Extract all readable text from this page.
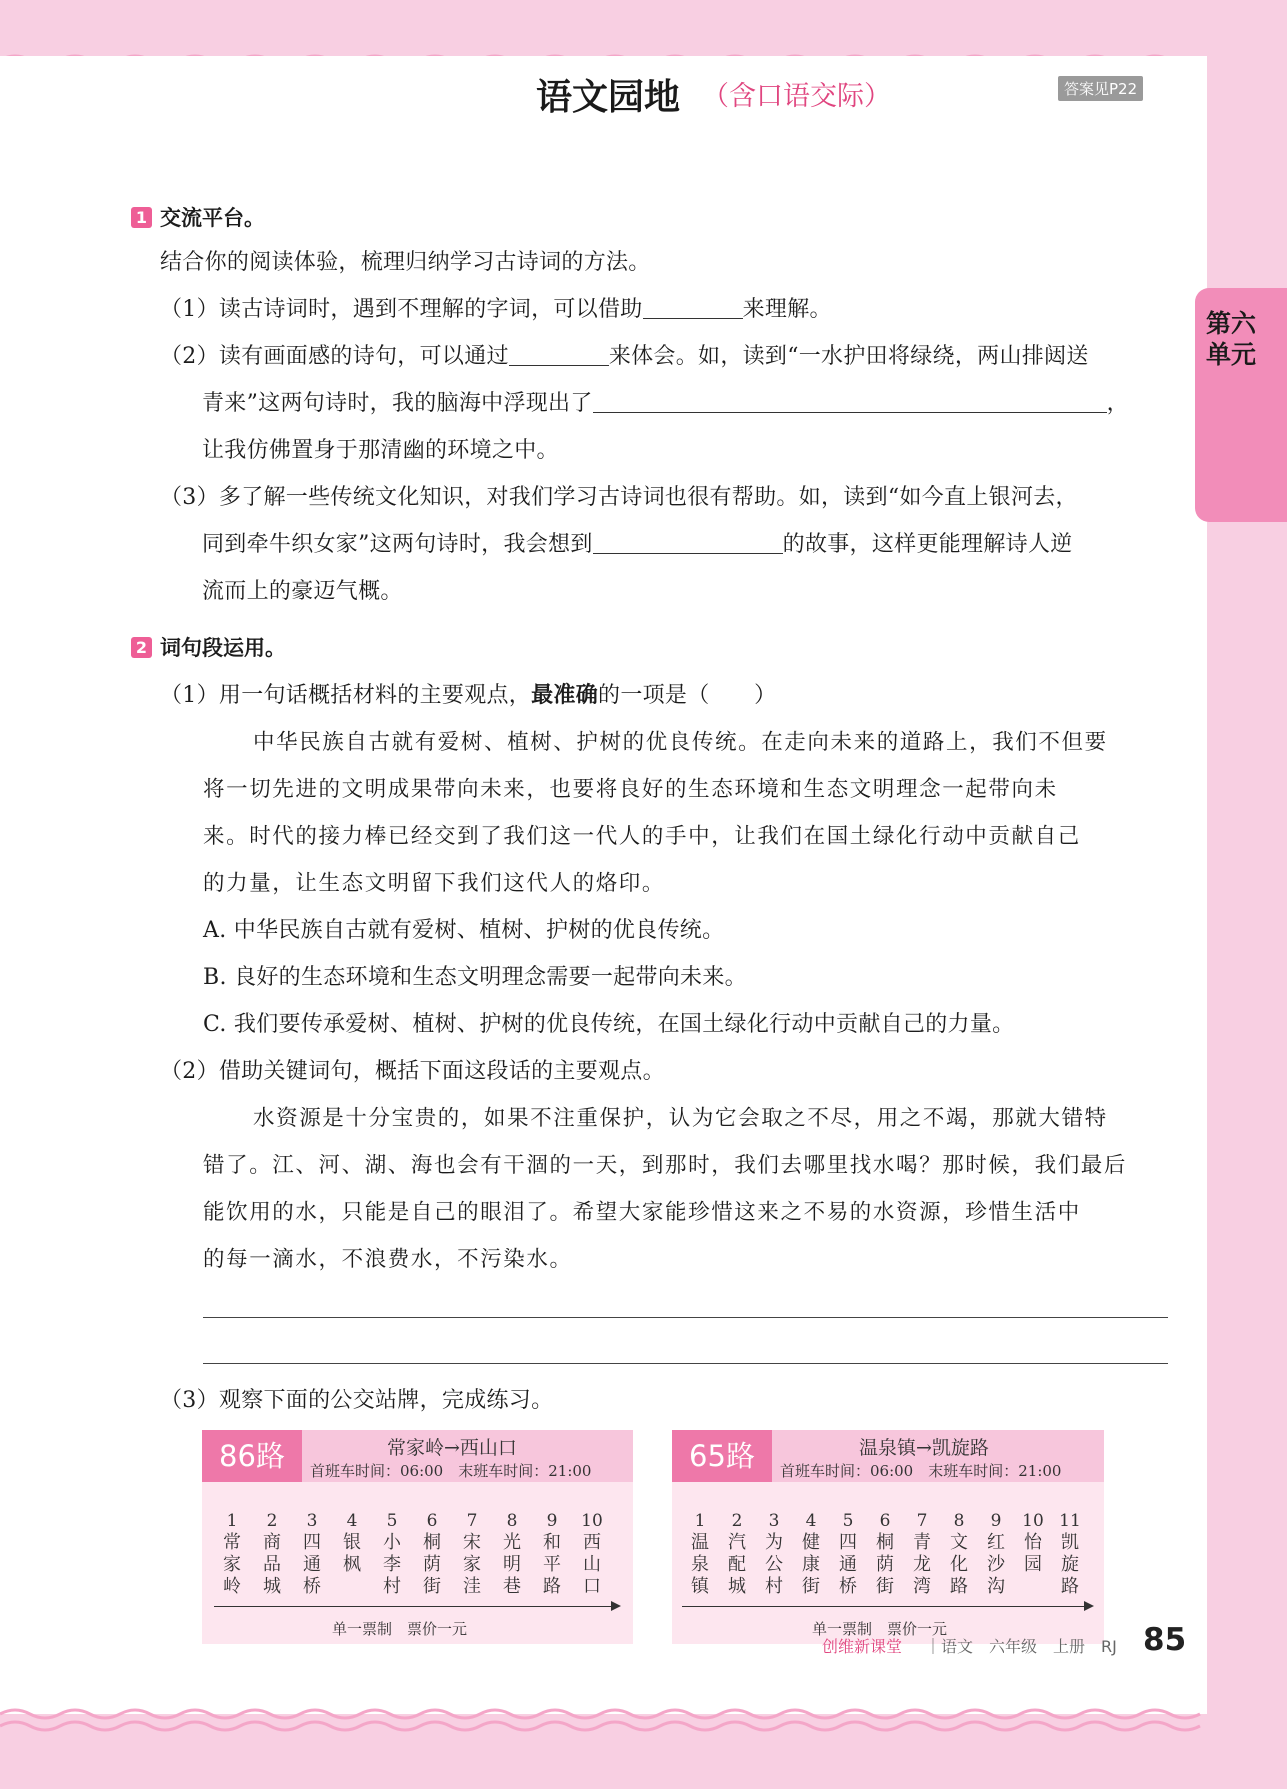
语文园地 （含口语交际）	答案见P22
第六单元
1 交流平台。
结合你的阅读体验，梳理归纳学习古诗词的方法。
（1）读古诗词时，遇到不理解的字词，可以借助	来理解。
（2）读有画面感的诗句，可以通过	来体会。如，读到“一水护田将绿绕，两山排闼送
青来”这两句诗时，我的脑海中浮现出了	，
让我仿佛置身于那清幽的环境之中。
（3）多了解一些传统文化知识，对我们学习古诗词也很有帮助。如，读到“如今直上银河去，
同到牵牛织女家”这两句诗时，我会想到	的故事，这样更能理解诗人逆
流而上的豪迈气概。
2 词句段运用。
（1）用一句话概括材料的主要观点，最准确的一项是（　　）
中华民族自古就有爱树、植树、护树的优良传统。在走向未来的道路上，我们不但要
将一切先进的文明成果带向未来，也要将良好的生态环境和生态文明理念一起带向未
来。时代的接力棒已经交到了我们这一代人的手中，让我们在国土绿化行动中贡献自己
的力量，让生态文明留下我们这代人的烙印。
A. 中华民族自古就有爱树、植树、护树的优良传统。
B. 良好的生态环境和生态文明理念需要一起带向未来。
C. 我们要传承爱树、植树、护树的优良传统，在国土绿化行动中贡献自己的力量。
（2）借助关键词句，概括下面这段话的主要观点。
水资源是十分宝贵的，如果不注重保护，认为它会取之不尽，用之不竭，那就大错特
错了。江、河、湖、海也会有干涸的一天，到那时，我们去哪里找水喝？那时候，我们最后
能饮用的水，只能是自己的眼泪了。希望大家能珍惜这来之不易的水资源，珍惜生活中
的每一滴水，不浪费水，不污染水。
（3）观察下面的公交站牌，完成练习。
86路	常家岭→西山口
首班车时间：06:00　末班车时间：21:00
1
常家岭
2
商品城
3
四通桥
4
银枫
5
小李村
6
桐荫街
7
宋家洼
8
光明巷
9
和平路
10
西山口
单一票制　票价一元
65路	温泉镇→凯旋路
首班车时间：06:00　末班车时间：21:00
1
温泉镇
2
汽配城
3
为公村
4
健康街
5
四通桥
6
桐荫街
7
青龙湾
8
文化路
9
红沙沟
10
怡园
11
凯旋路
单一票制　票价一元
创维新课堂 ｜语文　六年级　上册　RJ 85
